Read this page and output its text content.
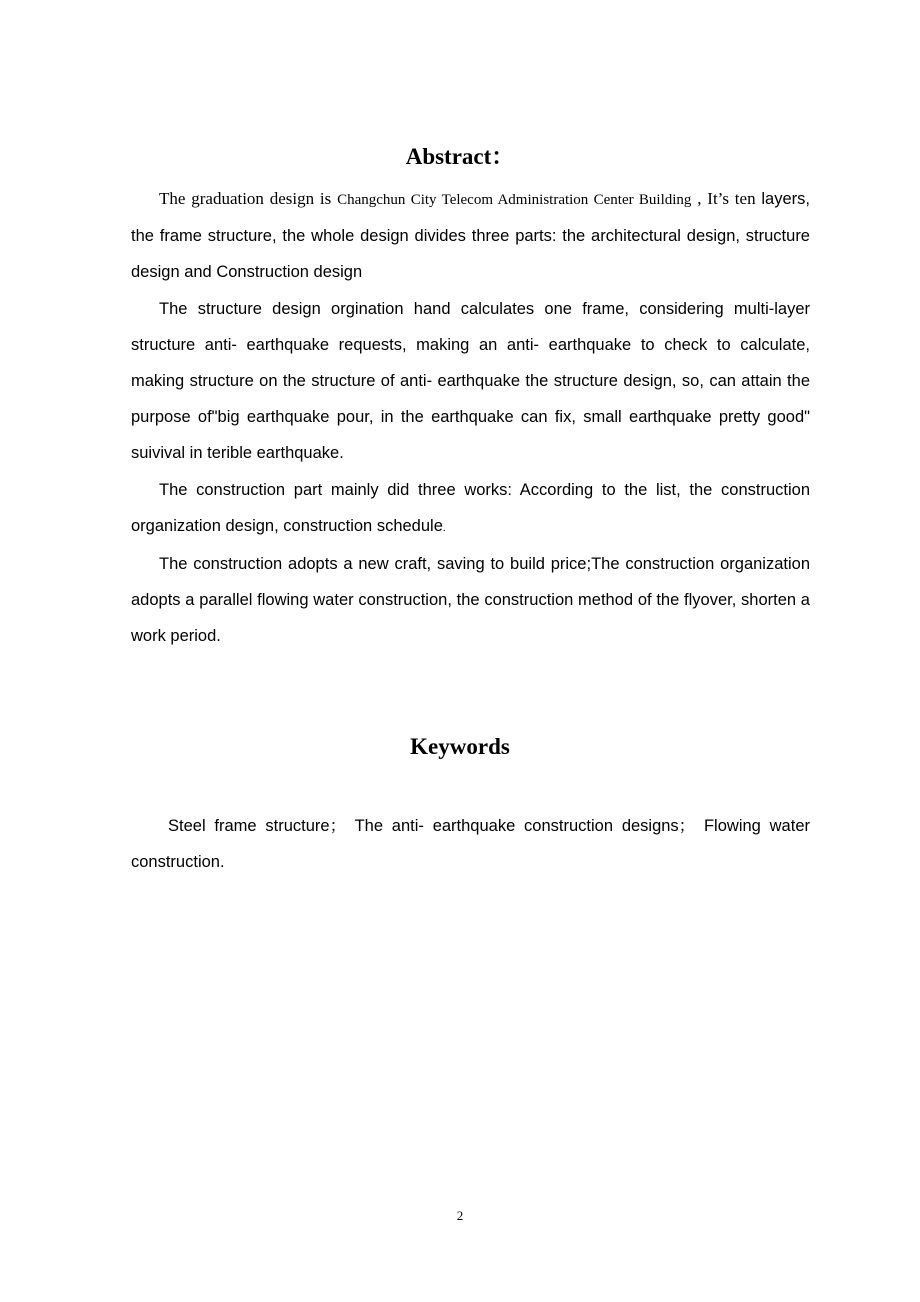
Abstract：

The graduation design is Changchun City Telecom Administration Center Building , It’s ten layers, the frame structure, the whole design divides three parts: the architectural design, structure design and Construction design

The structure design orgination hand calculates one frame, considering multi-layer structure anti- earthquake requests, making an anti- earthquake to check to calculate, making structure on the structure of anti- earthquake the structure design, so, can attain the purpose of"big earthquake pour, in the earthquake can fix, small earthquake pretty good" suivival in terible earthquake.

The construction part mainly did three works: According to the list, the construction organization design, construction schedule.

The construction adopts a new craft, saving to build price;The construction organization adopts a parallel flowing water construction, the construction method of the flyover, shorten a work period.

Keywords

Steel frame structure； The anti- earthquake construction designs； Flowing water construction.

2
